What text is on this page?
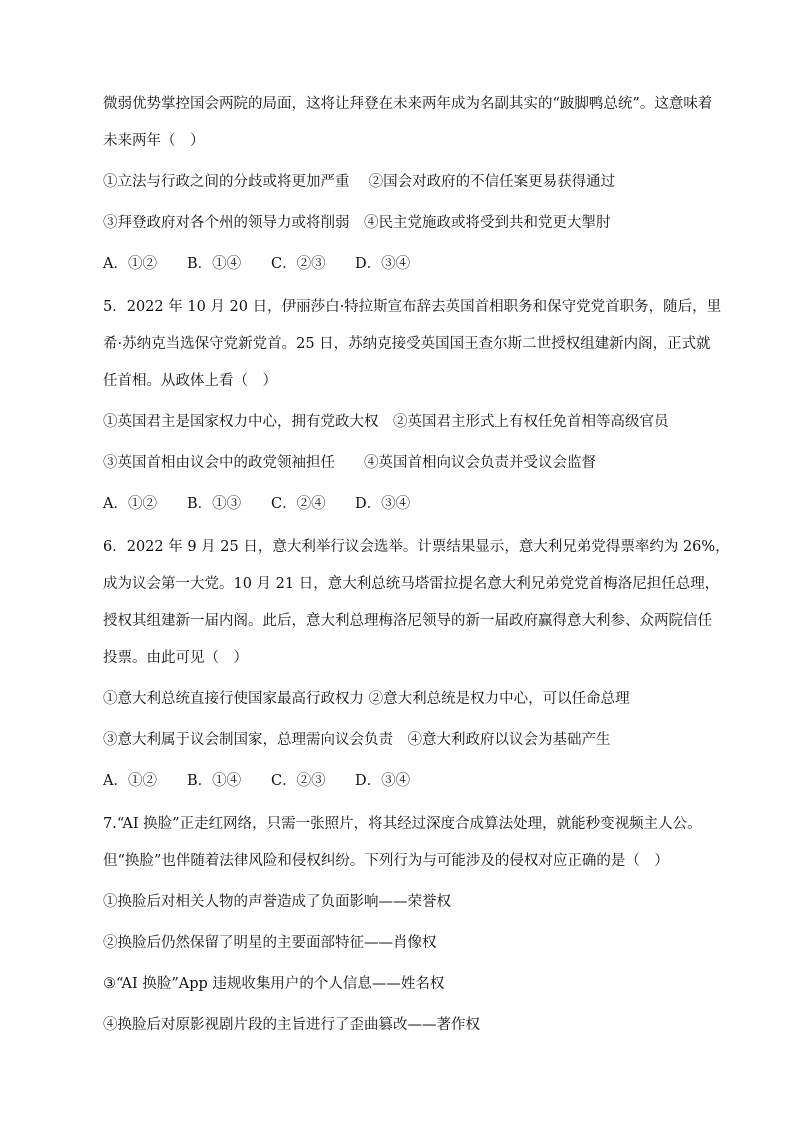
微弱优势掌控国会两院的局面，这将让拜登在未来两年成为名副其实的“跛脚鸭总统”。这意味着

未来两年（　）

①立法与行政之间的分歧或将更加严重　 ②国会对政府的不信任案更易获得通过

③拜登政府对各个州的领导力或将削弱　④民主党施政或将受到共和党更大掣肘

A．①②	B．①④	C．②③	D．③④

5．2022 年 10 月 20 日，伊丽莎白·特拉斯宣布辞去英国首相职务和保守党党首职务，随后，里

希·苏纳克当选保守党新党首。25 日，苏纳克接受英国国王查尔斯二世授权组建新内阁，正式就

任首相。从政体上看（　）

①英国君主是国家权力中心，拥有党政大权　②英国君主形式上有权任免首相等高级官员

③英国首相由议会中的政党领袖担任　　④英国首相向议会负责并受议会监督

A．①②	B．①③	C．②④	D．③④

6．2022 年 9 月 25 日，意大利举行议会选举。计票结果显示，意大利兄弟党得票率约为 26%，

成为议会第一大党。10 月 21 日，意大利总统马塔雷拉提名意大利兄弟党党首梅洛尼担任总理，

授权其组建新一届内阁。此后，意大利总理梅洛尼领导的新一届政府赢得意大利参、众两院信任

投票。由此可见（　）

①意大利总统直接行使国家最高行政权力 ②意大利总统是权力中心，可以任命总理

③意大利属于议会制国家，总理需向议会负责　④意大利政府以议会为基础产生

A．①②	B．①④	C．②③	D．③④

7.“AI 换脸”正走红网络，只需一张照片，将其经过深度合成算法处理，就能秒变视频主人公。

但“换脸”也伴随着法律风险和侵权纠纷。下列行为与可能涉及的侵权对应正确的是（　）

①换脸后对相关人物的声誉造成了负面影响——荣誉权

②换脸后仍然保留了明星的主要面部特征——肖像权

③“AI 换脸”App 违规收集用户的个人信息——姓名权

④换脸后对原影视剧片段的主旨进行了歪曲篡改——著作权
